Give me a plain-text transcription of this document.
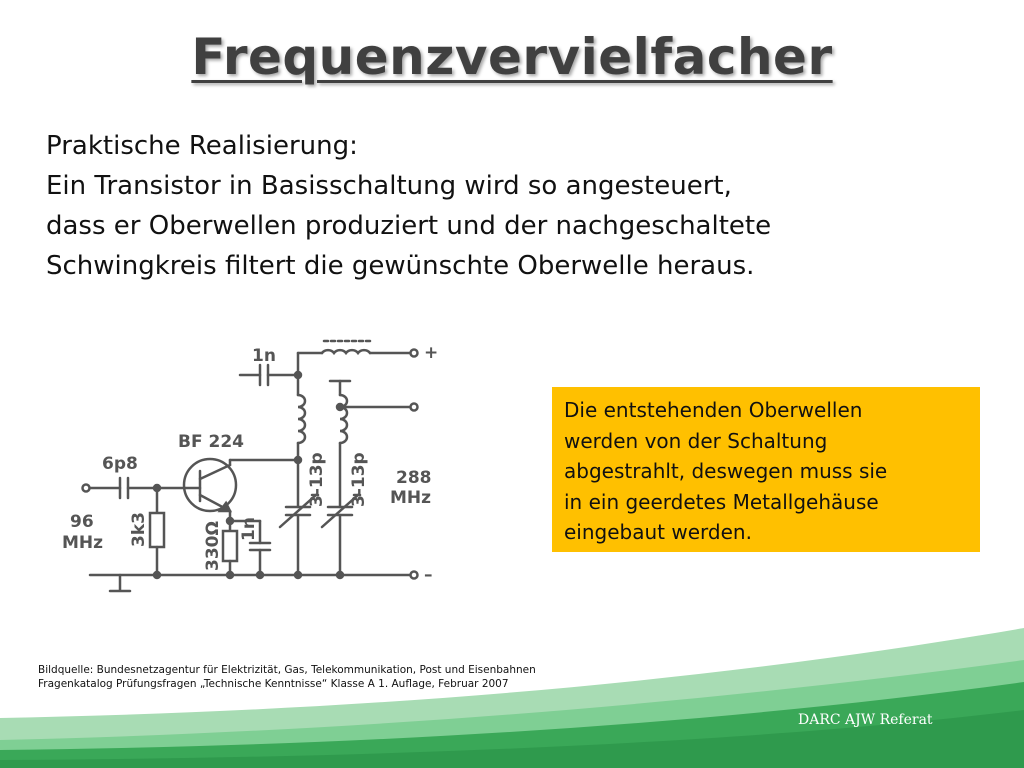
Frequenzvervielfacher
Praktische Realisierung:
Ein Transistor in Basisschaltung wird so angesteuert,
dass er Oberwellen produziert und der nachgeschaltete
Schwingkreis filtert die gewünschte Oberwelle heraus.
1n
BF 224
6p8
96
MHz 3k3	330Ω 1n
3-13p 3-13p 288
MHz
+
–
Die entstehenden Oberwellen
werden von der Schaltung
abgestrahlt, deswegen muss sie
in ein geerdetes Metallgehäuse
eingebaut werden.
Bildquelle: Bundesnetzagentur für Elektrizität, Gas, Telekommunikation, Post und Eisenbahnen
Fragenkatalog Prüfungsfragen „Technische Kenntnisse“ Klasse A 1. Auflage, Februar 2007
DARC AJW Referat
